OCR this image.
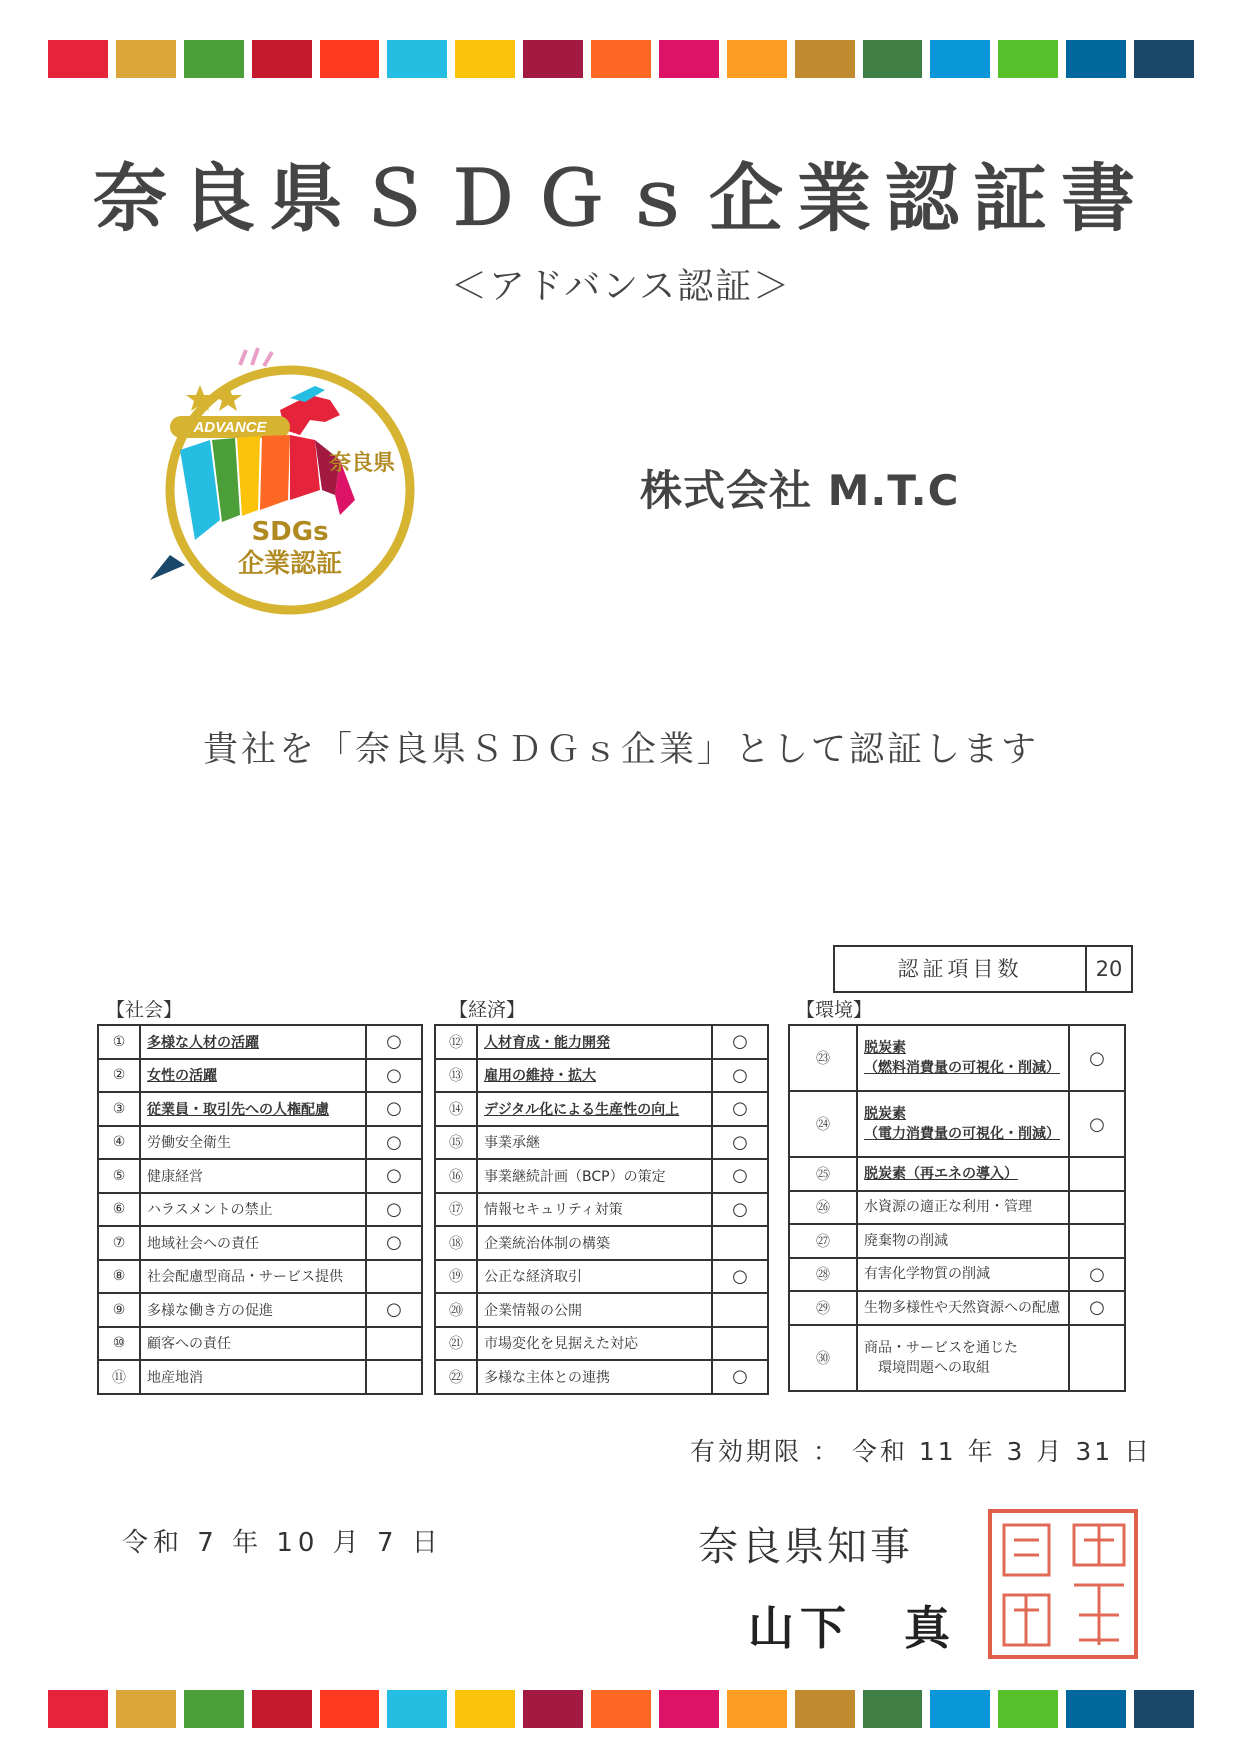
奈良県ＳＤＧｓ企業認証書
＜アドバンス認証＞
ADVANCE
奈良県
SDGs
企業認証
株式会社 M.T.C
貴社を「奈良県ＳＤＧｓ企業」として認証します
認証項目数	20
【社会】	【経済】	【環境】
①	多様な人材の活躍	○
②	女性の活躍	○
③	従業員・取引先への人権配慮	○
④	労働安全衛生	○
⑤	健康経営	○
⑥	ハラスメントの禁止	○
⑦	地域社会への責任	○
⑧	社会配慮型商品・サービス提供	
⑨	多様な働き方の促進	○
⑩	顧客への責任	
⑪	地産地消	
⑫	人材育成・能力開発	○
⑬	雇用の維持・拡大	○
⑭	デジタル化による生産性の向上	○
⑮	事業承継	○
⑯	事業継続計画（BCP）の策定	○
⑰	情報セキュリティ対策	○
⑱	企業統治体制の構築	
⑲	公正な経済取引	○
⑳	企業情報の公開	
㉑	市場変化を見据えた対応	
㉒	多様な主体との連携	○
㉓	脱炭素
（燃料消費量の可視化・削減）	○
㉔	脱炭素
（電力消費量の可視化・削減）	○
㉕	脱炭素（再エネの導入）	
㉖	水資源の適正な利用・管理	
㉗	廃棄物の削減	
㉘	有害化学物質の削減	○
㉙	生物多様性や天然資源への配慮	○
㉚	商品・サービスを通じた
　環境問題への取組	
有効期限 ： 令和 11 年 3 月 31 日
令和 7 年 10 月 7 日	奈良県知事
山下　真
